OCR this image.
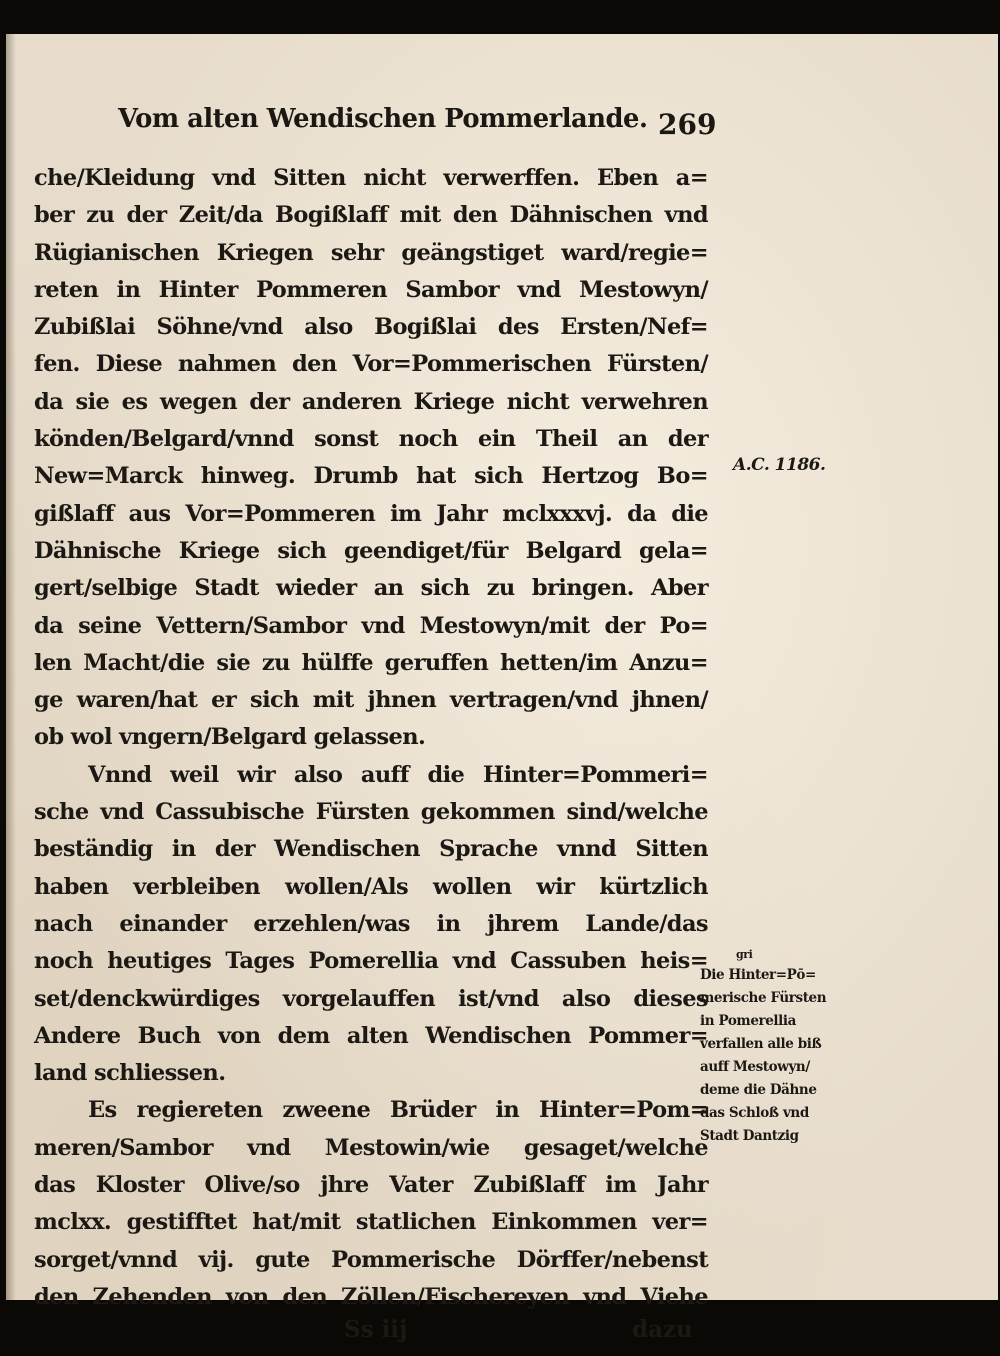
Vom alten Wendischen Pommerlande. 269
che/Kleidung vnd Sitten nicht verwerffen. Eben a=
ber zu der Zeit/da Bogißlaff mit den Dähnischen vnd
Rügianischen Kriegen sehr geängstiget ward/regie=
reten in Hinter Pommeren Sambor vnd Mestowyn/
Zubißlai Söhne/vnd also Bogißlai des Ersten/Nef=
fen. Diese nahmen den Vor=Pommerischen Fürsten/
da sie es wegen der anderen Kriege nicht verwehren
könden/Belgard/vnnd sonst noch ein Theil an der
New=Marck hinweg. Drumb hat sich Hertzog Bo=
gißlaff aus Vor=Pommeren im Jahr mclxxxvj. da die
Dähnische Kriege sich geendiget/für Belgard gela=
gert/selbige Stadt wieder an sich zu bringen. Aber
da seine Vettern/Sambor vnd Mestowyn/mit der Po=
len Macht/die sie zu hülffe geruffen hetten/im Anzu=
ge waren/hat er sich mit jhnen vertragen/vnd jhnen/
ob wol vngern/Belgard gelassen.
Vnnd weil wir also auff die Hinter=Pommeri=
sche vnd Cassubische Fürsten gekommen sind/welche
beständig in der Wendischen Sprache vnnd Sitten
haben verbleiben wollen/Als wollen wir kürtzlich
nach einander erzehlen/was in jhrem Lande/das
noch heutiges Tages Pomerellia vnd Cassuben heis=
set/denckwürdiges vorgelauffen ist/vnd also dieses
Andere Buch von dem alten Wendischen Pommer=
land schliessen.
Es regiereten zweene Brüder in Hinter=Pom=
meren/Sambor vnd Mestowin/wie gesaget/welche
das Kloster Olive/so jhre Vater Zubißlaff im Jahr
mclxx. gestifftet hat/mit statlichen Einkommen ver=
sorget/vnnd vij. gute Pommerische Dörffer/nebenst
den Zehenden von den Zöllen/Fischereyen vnd Viehe
Ss iij	dazu
A.C. 1186.
gri
Die Hinter=Pō=
merische Fürsten
in Pomerellia
verfallen alle biß
auff Mestowyn/
deme die Dähne
das Schloß vnd
Stadt Dantzig
